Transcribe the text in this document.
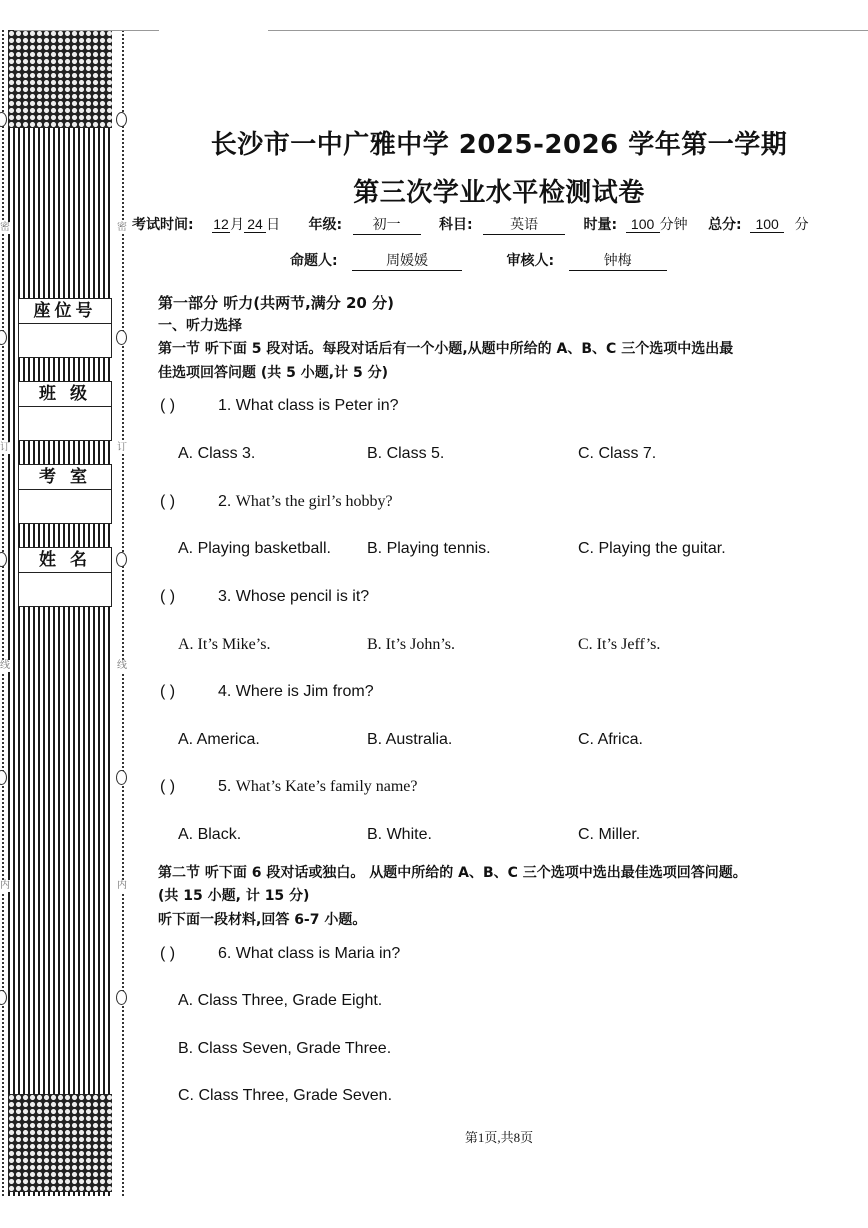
座位号
班 级
考 室
姓 名
密
订
线
内
密
订
线
内
长沙市一中广雅中学 2025-2026 学年第一学期
第三次学业水平检测试卷
考试时间: 12月 24 日 年级: 初一	科目:	英语	时量: 100 分钟 总分: 100 分
命题人:	周媛媛	审核人:	钟梅
第一部分 听力(共两节,满分 20 分)
一、听力选择
第一节 听下面 5 段对话。每段对话后有一个小题,从题中所给的 A、B、C 三个选项中选出最
佳选项回答问题 (共 5 小题,计 5 分)
( )	1. What class is Peter in?
A. Class 3.	B. Class 5.	C. Class 7.
( )	2. What’s the girl’s hobby?
A. Playing basketball. B. Playing tennis.	C. Playing the guitar.
( )	3. Whose pencil is it?
A. It’s Mike’s.	B. It’s John’s.	C. It’s Jeff’s.
( )	4. Where is Jim from?
A. America.	B. Australia.	C. Africa.
( )	5. What’s Kate’s family name?
A. Black.	B. White.	C. Miller.
第二节 听下面 6 段对话或独白。 从题中所给的 A、B、C 三个选项中选出最佳选项回答问题。
(共 15 小题, 计 15 分)
听下面一段材料,回答 6-7 小题。
( )	6. What class is Maria in?
A. Class Three, Grade Eight.
B. Class Seven, Grade Three.
C. Class Three, Grade Seven.
第1页,共8页
